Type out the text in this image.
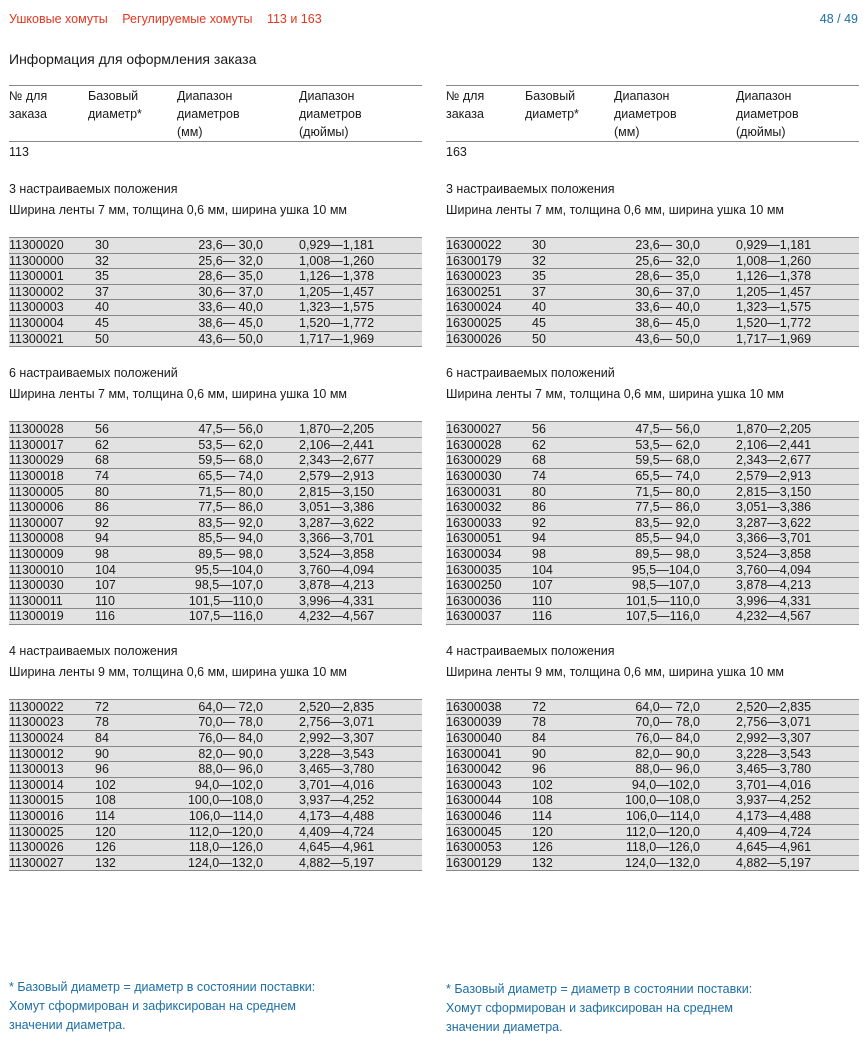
Ушковые хомуты Регулируемые хомуты 113 и 163	48 / 49
Информация для оформления заказа
№ для
заказа
Базовый
диаметр*
Диапазон
диаметров
(мм)
Диапазон
диаметров
(дюймы)
113
3 настраиваемых положения
Ширина ленты 7 мм, толщина 0,6 мм, ширина ушка 10 мм
11300020	30	23,6— 30,0	0,929—1,181
11300000	32	25,6— 32,0	1,008—1,260
11300001	35	28,6— 35,0	1,126—1,378
11300002	37	30,6— 37,0	1,205—1,457
11300003	40	33,6— 40,0	1,323—1,575
11300004	45	38,6— 45,0	1,520—1,772
11300021	50	43,6— 50,0	1,717—1,969
6 настраиваемых положений
Ширина ленты 7 мм, толщина 0,6 мм, ширина ушка 10 мм
11300028	56	47,5— 56,0	1,870—2,205
11300017	62	53,5— 62,0	2,106—2,441
11300029	68	59,5— 68,0	2,343—2,677
11300018	74	65,5— 74,0	2,579—2,913
11300005	80	71,5— 80,0	2,815—3,150
11300006	86	77,5— 86,0	3,051—3,386
11300007	92	83,5— 92,0	3,287—3,622
11300008	94	85,5— 94,0	3,366—3,701
11300009	98	89,5— 98,0	3,524—3,858
11300010	104	95,5—104,0	3,760—4,094
11300030	107	98,5—107,0	3,878—4,213
11300011	110	101,5—110,0	3,996—4,331
11300019	116	107,5—116,0	4,232—4,567
4 настраиваемых положения
Ширина ленты 9 мм, толщина 0,6 мм, ширина ушка 10 мм
11300022	72	64,0— 72,0	2,520—2,835
11300023	78	70,0— 78,0	2,756—3,071
11300024	84	76,0— 84,0	2,992—3,307
11300012	90	82,0— 90,0	3,228—3,543
11300013	96	88,0— 96,0	3,465—3,780
11300014	102	94,0—102,0	3,701—4,016
11300015	108	100,0—108,0	3,937—4,252
11300016	114	106,0—114,0	4,173—4,488
11300025	120	112,0—120,0	4,409—4,724
11300026	126	118,0—126,0	4,645—4,961
11300027	132	124,0—132,0	4,882—5,197
№ для
заказа
Базовый
диаметр*
Диапазон
диаметров
(мм)
Диапазон
диаметров
(дюймы)
163
3 настраиваемых положения
Ширина ленты 7 мм, толщина 0,6 мм, ширина ушка 10 мм
16300022 30	23,6— 30,0	0,929—1,181
16300179 32	25,6— 32,0	1,008—1,260
16300023 35	28,6— 35,0	1,126—1,378
16300251 37	30,6— 37,0	1,205—1,457
16300024 40	33,6— 40,0	1,323—1,575
16300025 45	38,6— 45,0	1,520—1,772
16300026 50	43,6— 50,0	1,717—1,969
6 настраиваемых положений
Ширина ленты 7 мм, толщина 0,6 мм, ширина ушка 10 мм
16300027 56	47,5— 56,0	1,870—2,205
16300028 62	53,5— 62,0	2,106—2,441
16300029 68	59,5— 68,0	2,343—2,677
16300030 74	65,5— 74,0	2,579—2,913
16300031 80	71,5— 80,0	2,815—3,150
16300032 86	77,5— 86,0	3,051—3,386
16300033 92	83,5— 92,0	3,287—3,622
16300051 94	85,5— 94,0	3,366—3,701
16300034 98	89,5— 98,0	3,524—3,858
16300035 104	95,5—104,0	3,760—4,094
16300250 107	98,5—107,0	3,878—4,213
16300036 110	101,5—110,0	3,996—4,331
16300037 116	107,5—116,0	4,232—4,567
4 настраиваемых положения
Ширина ленты 9 мм, толщина 0,6 мм, ширина ушка 10 мм
16300038 72	64,0— 72,0	2,520—2,835
16300039 78	70,0— 78,0	2,756—3,071
16300040 84	76,0— 84,0	2,992—3,307
16300041 90	82,0— 90,0	3,228—3,543
16300042 96	88,0— 96,0	3,465—3,780
16300043 102	94,0—102,0	3,701—4,016
16300044 108	100,0—108,0	3,937—4,252
16300046 114	106,0—114,0	4,173—4,488
16300045 120	112,0—120,0	4,409—4,724
16300053 126	118,0—126,0	4,645—4,961
16300129 132	124,0—132,0	4,882—5,197
* Базовый диаметр = диаметр в состоянии поставки:
Хомут сформирован и зафиксирован на среднем
значении диаметра.
* Базовый диаметр = диаметр в состоянии поставки:
Хомут сформирован и зафиксирован на среднем
значении диаметра.
